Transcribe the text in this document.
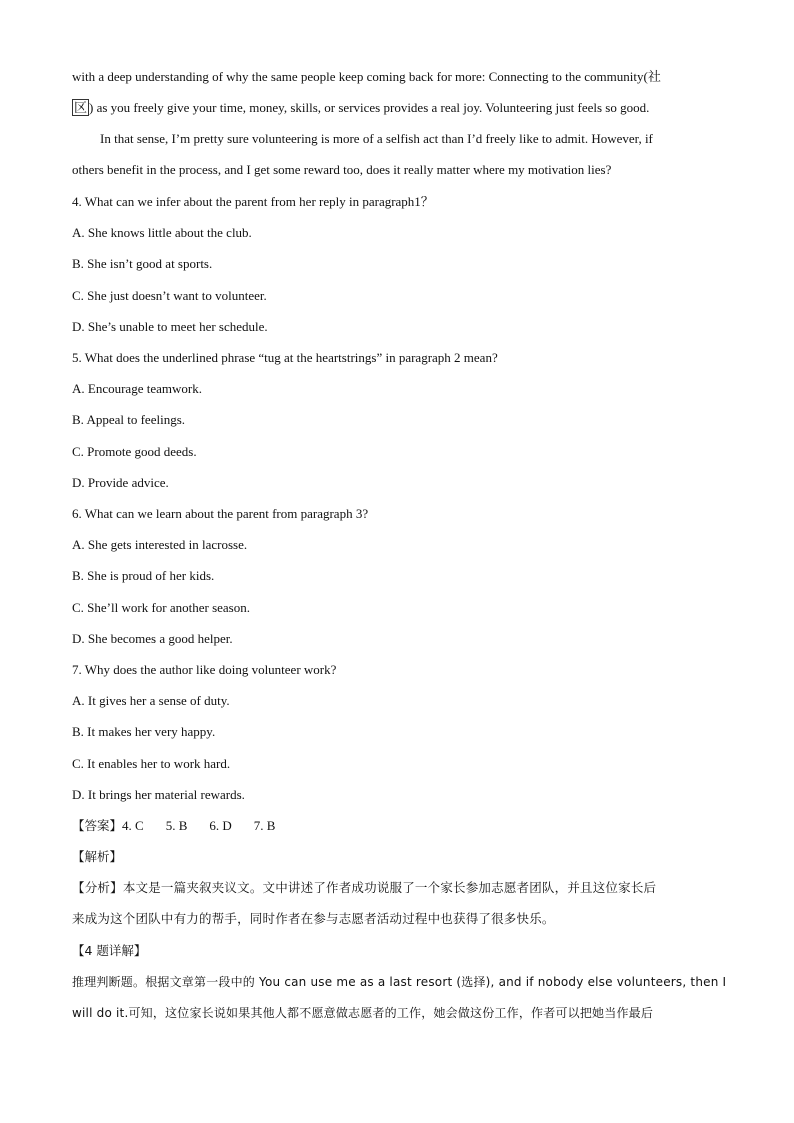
with a deep understanding of why the same people keep coming back for more: Connecting to the community(社
区 ) as you freely give your time, money, skills, or services provides a real joy. Volunteering just feels so good.
In that sense, I’m pretty sure volunteering is more of a selfish act than I’d freely like to admit. However, if
others benefit in the process, and I get some reward too, does it really matter where my motivation lies?
4. What can we infer about the parent from her reply in paragraph1？
A. She knows little about the club.
B. She isn’t good at sports.
C. She just doesn’t want to volunteer.
D. She’s unable to meet her schedule.
5. What does the underlined phrase “tug at the heartstrings” in paragraph 2 mean?
A. Encourage teamwork.
B. Appeal to feelings.
C. Promote good deeds.
D. Provide advice.
6. What can we learn about the parent from paragraph 3?
A. She gets interested in lacrosse.
B. She is proud of her kids.
C. She’ll work for another season.
D. She becomes a good helper.
7. Why does the author like doing volunteer work?
A. It gives her a sense of duty.
B. It makes her very happy.
C. It enables her to work hard.
D. It brings her material rewards.
【答案】4. C 5. B 6. D 7. B
【解析】
【分析】本文是一篇夹叙夹议文。文中讲述了作者成功说服了一个家长参加志愿者团队，并且这位家长后
来成为这个团队中有力的帮手，同时作者在参与志愿者活动过程中也获得了很多快乐。
【4 题详解】
推理判断题。根据文章第一段中的 You can use me as a last resort (选择), and if nobody else volunteers, then I
will do it.可知，这位家长说如果其他人都不愿意做志愿者的工作，她会做这份工作，作者可以把她当作最后
